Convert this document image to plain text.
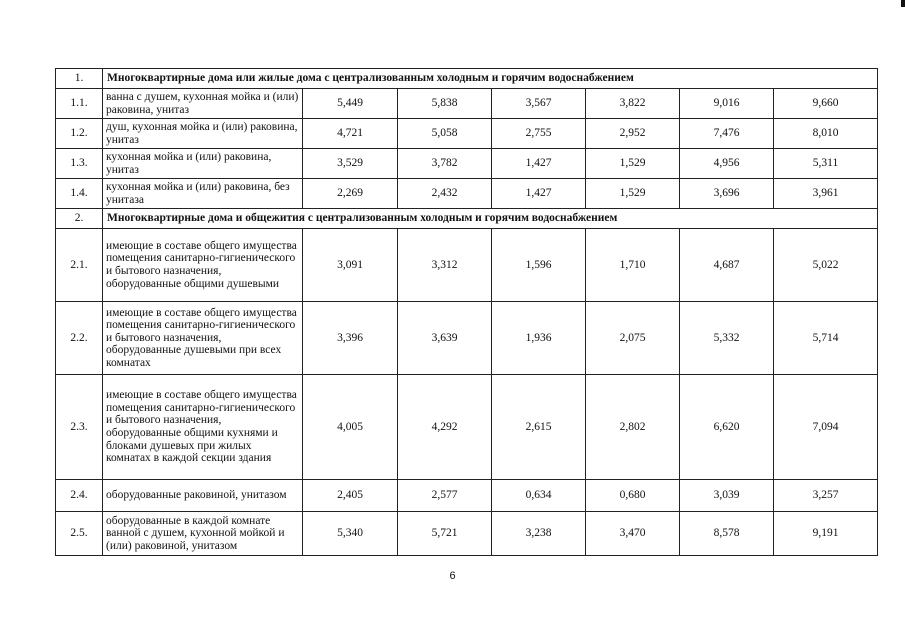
1.	Многоквартирные дома или жилые дома с централизованным холодным и горячим водоснабжением						
1.1.	ванна с душем, кухонная мойка и (или) раковина, унитаз	5,449	5,838	3,567	3,822	9,016	9,660
1.2.	душ, кухонная мойка и (или) раковина, унитаз	4,721	5,058	2,755	2,952	7,476	8,010
1.3.	кухонная мойка и (или) раковина, унитаз	3,529	3,782	1,427	1,529	4,956	5,311
1.4.	кухонная мойка и (или) раковина, без унитаза	2,269	2,432	1,427	1,529	3,696	3,961
2.	Многоквартирные дома и общежития с централизованным холодным и горячим водоснабжением						
2.1.	имеющие в составе общего имущества помещения санитарно-гигиенического и бытового назначения, оборудованные общими душевыми	3,091	3,312	1,596	1,710	4,687	5,022
2.2.	имеющие в составе общего имущества помещения санитарно-гигиенического и бытового назначения, оборудованные душевыми при всех комнатах	3,396	3,639	1,936	2,075	5,332	5,714
2.3.	имеющие в составе общего имущества помещения санитарно-гигиенического и бытового назначения, оборудованные общими кухнями и блоками душевых при жилых комнатах в каждой секции здания	4,005	4,292	2,615	2,802	6,620	7,094
2.4.	оборудованные раковиной, унитазом	2,405	2,577	0,634	0,680	3,039	3,257
2.5.	оборудованные в каждой комнате ванной с душем, кухонной мойкой и (или) раковиной, унитазом	5,340	5,721	3,238	3,470	8,578	9,191
6
